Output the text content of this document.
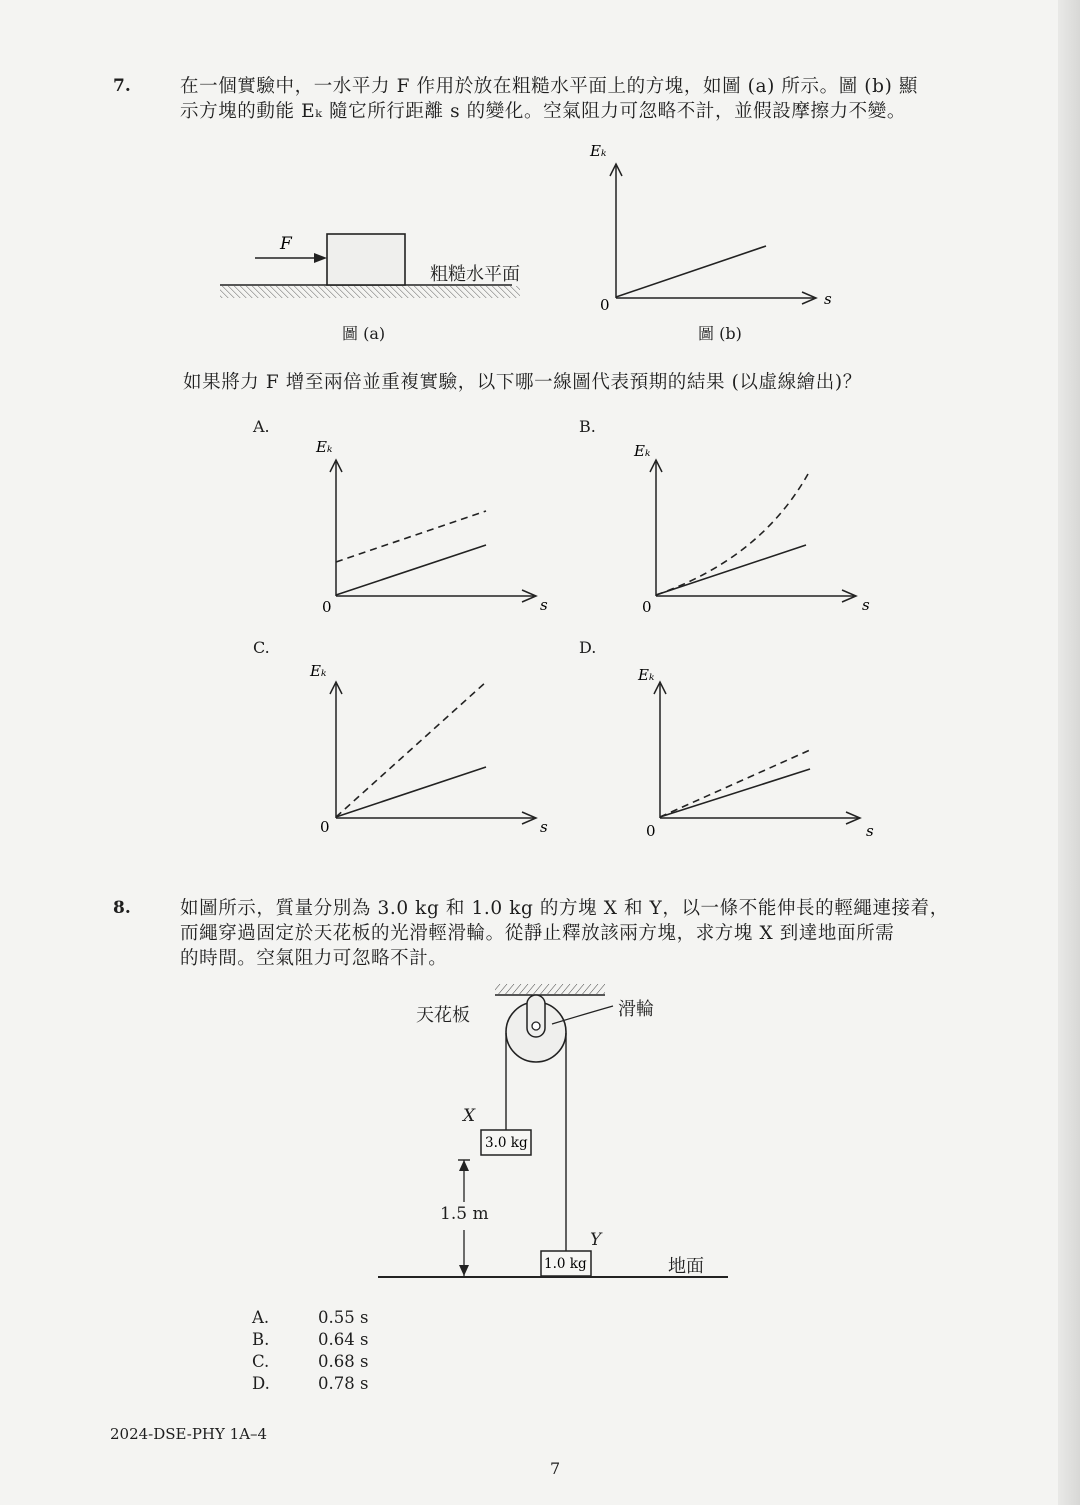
7.	在一個實驗中，一水平力 F 作用於放在粗糙水平面上的方塊，如圖 (a) 所示。圖 (b) 顯
示方塊的動能 Eₖ 隨它所行距離 s 的變化。空氣阻力可忽略不計，並假設摩擦力不變。
F
粗糙水平面
圖 (a)
Eₖ
s
0
圖 (b)
如果將力 F 增至兩倍並重複實驗，以下哪一線圖代表預期的結果 (以虛線繪出)？
A.	B.
C.	D.
Eₖ
s
0
Eₖ
s
0
Eₖ
s
0
Eₖ
s
0
8.	如圖所示，質量分別為 3.0 kg 和 1.0 kg 的方塊 X 和 Y，以一條不能伸長的輕繩連接着，
而繩穿過固定於天花板的光滑輕滑輪。從靜止釋放該兩方塊，求方塊 X 到達地面所需
的時間。空氣阻力可忽略不計。
3.0 kg
1.0 kg
天花板	滑輪
X
Y
1.5 m
地面
A.	0.55 s
B.	0.64 s
C.	0.68 s
D.	0.78 s
2024-DSE-PHY 1A–4
7
